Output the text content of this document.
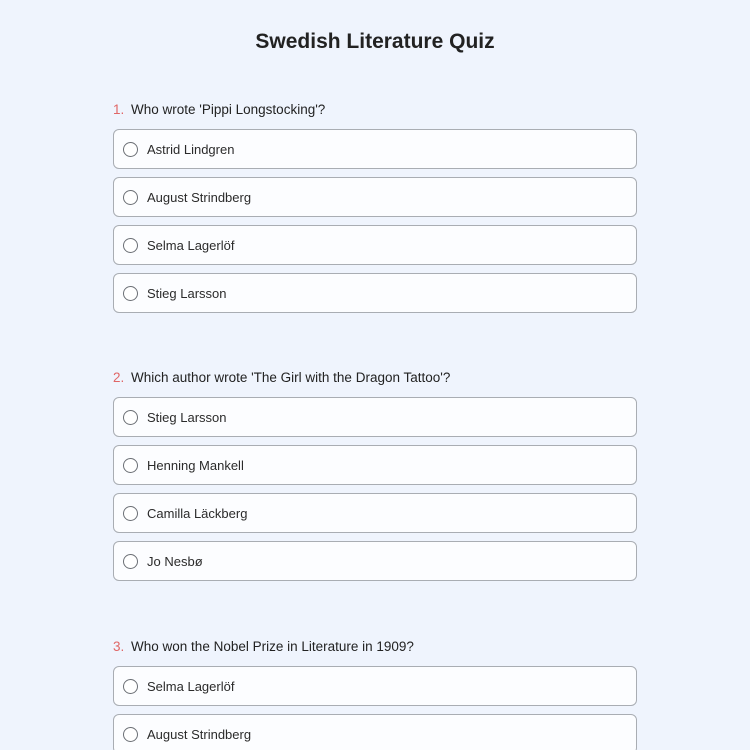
Swedish Literature Quiz
1. Who wrote 'Pippi Longstocking'?
Astrid Lindgren
August Strindberg
Selma Lagerlöf
Stieg Larsson
2. Which author wrote 'The Girl with the Dragon Tattoo'?
Stieg Larsson
Henning Mankell
Camilla Läckberg
Jo Nesbø
3. Who won the Nobel Prize in Literature in 1909?
Selma Lagerlöf
August Strindberg
